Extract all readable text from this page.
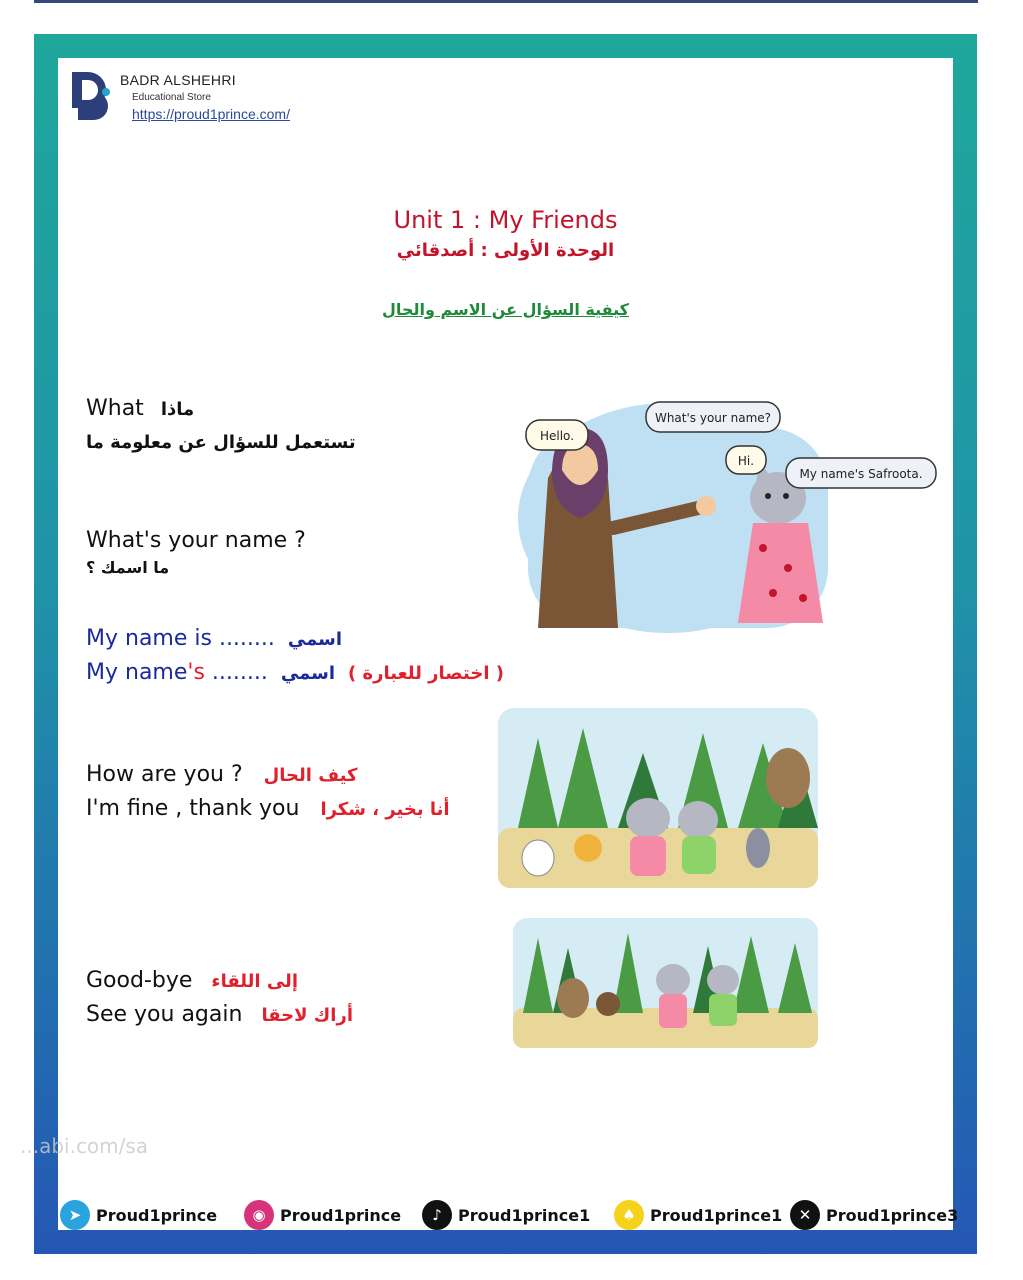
BADR ALSHEHRI
Educational Store
https://proud1prince.com/
Unit 1 : My Friends
الوحدة الأولى : أصدقائي
كيفية السؤال عن الاسم والحال
What ماذا
تستعمل للسؤال عن معلومة ما
What's your name ?
ما اسمك ؟
My name is ........ اسمي
My name's ........	( اختصار للعبارة ) اسمي
How are you ? كيف الحال
I'm fine , thank you أنا بخير ، شكرا
Good-bye إلى اللقاء
See you again أراك لاحقا
Hello.
What's your name?
Hi.
My name's Safroota.
➤ Proud1prince	◉ Proud1prince	♪	Proud1prince1	♠ Proud1prince1	✕ Proud1prince3
...abi.com/sa
